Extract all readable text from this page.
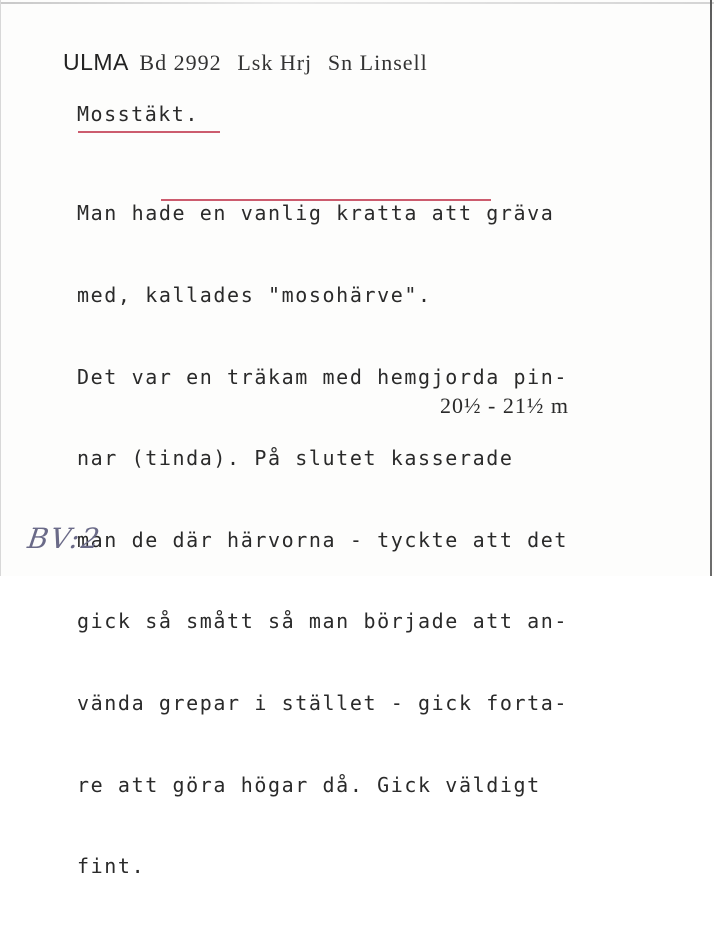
ULMA Bd 2992 Lsk Hrj Sn Linsell
Mosstäkt.

Man hade en vanlig kratta att gräva

med, kallades "mosohärve".

Det var en träkam med hemgjorda pin-

nar (tinda). På slutet kasserade

man de där härvorna - tyckte att det

gick så smått så man började att an-

vända grepar i stället - gick forta-

re att göra högar då. Gick väldigt

fint.

20½ - 21½ m
BV:2
